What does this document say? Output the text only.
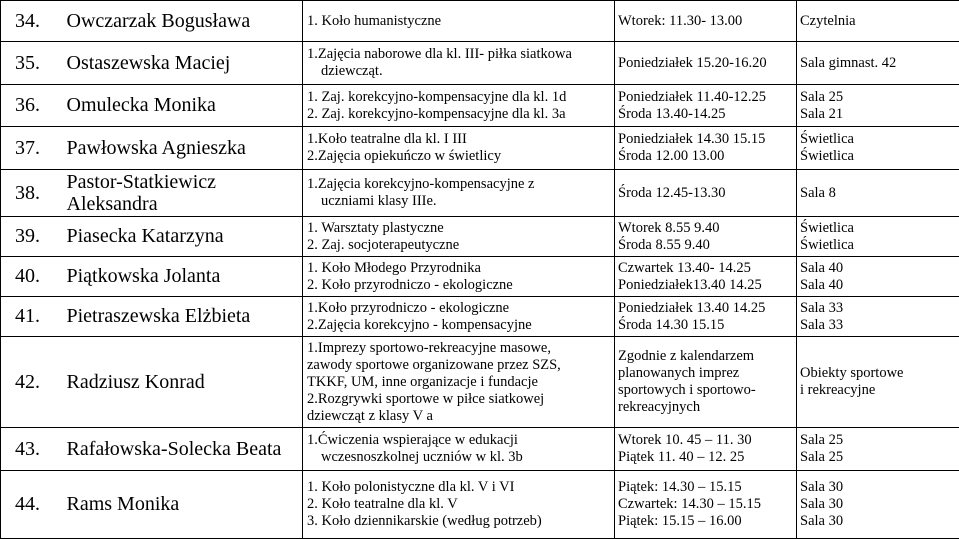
34.	Owczarzak Bogusława	1. Koło humanistyczne	Wtorek: 11.30- 13.00	Czytelnia

35.	Ostaszewska Maciej	1.Zajęcia naborowe dla kl. III- piłka siatkowa
dziewcząt.	Poniedziałek 15.20-16.20	Sala gimnast. 42

36.	Omulecka Monika	1. Zaj. korekcyjno-kompensacyjne dla kl. 1d
2. Zaj. korekcyjno-kompensacyjne dla kl. 3a	Poniedziałek 11.40-12.25
Środa 13.40-14.25	Sala 25
Sala 21

37.	Pawłowska Agnieszka	1.Koło teatralne dla kl. I III
2.Zajęcia opiekuńczo w świetlicy	Poniedziałek 14.30 15.15
Środa 12.00 13.00	Świetlica
Świetlica

38.	Pastor-Statkiewicz
Aleksandra	1.Zajęcia korekcyjno-kompensacyjne z
uczniami klasy IIIe.	Środa 12.45-13.30	Sala 8

39.	Piasecka Katarzyna	1. Warsztaty plastyczne
2. Zaj. socjoterapeutyczne	Wtorek 8.55 9.40
Środa 8.55 9.40	Świetlica
Świetlica

40.	Piątkowska Jolanta	1. Koło Młodego Przyrodnika
2. Koło przyrodniczo - ekologiczne	Czwartek 13.40- 14.25
Poniedziałek13.40 14.25	Sala 40
Sala 40

41.	Pietraszewska Elżbieta	1.Koło przyrodniczo - ekologiczne
2.Zajęcia korekcyjno - kompensacyjne	Poniedziałek 13.40 14.25
Środa 14.30 15.15	Sala 33
Sala 33

42.	Radziusz Konrad	1.Imprezy sportowo-rekreacyjne masowe,
zawody sportowe organizowane przez SZS,
TKKF, UM, inne organizacje i fundacje
2.Rozgrywki sportowe w piłce siatkowej
dziewcząt z klasy V a	Zgodnie z kalendarzem
planowanych imprez
sportowych i sportowo-
rekreacyjnych	Obiekty sportowe
i rekreacyjne

43.	Rafałowska-Solecka Beata	1.Ćwiczenia wspierające w edukacji
wczesnoszkolnej uczniów w kl. 3b	Wtorek 10. 45 – 11. 30
Piątek 11. 40 – 12. 25	Sala 25
Sala 25

44.	Rams Monika	1. Koło polonistyczne dla kl. V i VI
2. Koło teatralne dla kl. V
3. Koło dziennikarskie (według potrzeb)	Piątek: 14.30 – 15.15
Czwartek: 14.30 – 15.15
Piątek: 15.15 – 16.00	Sala 30
Sala 30
Sala 30
